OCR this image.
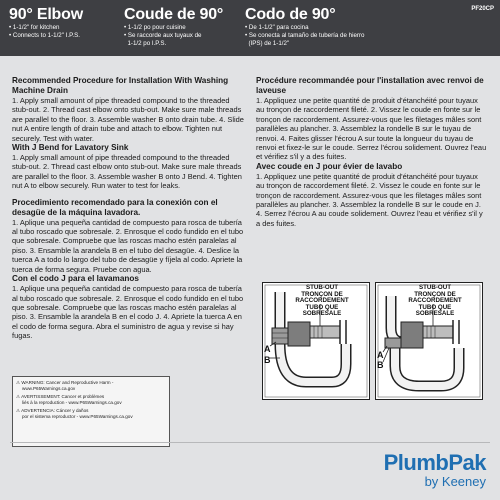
90° Elbow
• 1-1/2" for kitchen
• Connects to 1-1/2" I.P.S.
Coude de 90°
• 1-1/2 po pour cuisine
• Se raccorde aux tuyaux de
1-1/2 po I.P.S.
Codo de 90°
• De 1-1/2" para cocina
• Se conecta al tamaño de tubería de hierro
(IPS) de 1-1/2"
PF20CP
Recommended Procedure for Installation With Washing Machine Drain

1. Apply small amount of pipe threaded compound to the threaded stub-out. 2. Thread cast elbow onto stub-out. Make sure male threads are parallel to the floor. 3. Assemble washer B onto drain tube. 4. Slide nut A entire length of drain tube and attach to elbow. Tighten nut securely. Test with water.

With J Bend for Lavatory Sink

1. Apply small amount of pipe threaded compound to the threaded stub-out. 2. Thread cast elbow onto stub-out. Make sure male threads are parallel to the floor. 3. Assemble washer B onto J Bend. 4. Tighten nut A to elbow securely. Run water to test for leaks.

Procedimiento recomendado para la conexión con el desagüe de la máquina lavadora.

1. Aplique una pequeña cantidad de compuesto para rosca de tubería al tubo roscado que sobresale. 2. Enrosque el codo fundido en el tubo que sobresale. Compruebe que las roscas macho estén paralelas al piso. 3. Ensamble la arandela B en el tubo del desagüe. 4. Deslice la tuerca A a todo lo largo del tubo de desagüe y fíjela al codo. Apriete la tuerca de forma segura. Pruebe con agua.

Con el codo J para el lavamanos

1. Aplique una pequeña cantidad de compuesto para rosca de tubería al tubo roscado que sobresale. 2. Enrosque el codo fundido en el tubo que sobresale. Compruebe que las roscas macho estén paralelas al piso. 3. Ensamble la arandela B en el codo J. 4. Apriete la tuerca A en el codo de forma segura. Abra el suministro de agua y revise si hay fugas.

Procédure recommandée pour l'installation avec renvoi de laveuse

1. Appliquez une petite quantité de produit d'étanchéité pour tuyaux au tronçon de raccordement fileté. 2. Vissez le coude en fonte sur le tronçon de raccordement. Assurez-vous que les filetages mâles sont parallèles au plancher. 3. Assemblez la rondelle B sur le tuyau de renvoi. 4. Faites glisser l'écrou A sur toute la longueur du tuyau de renvoi et fixez-le sur le coude. Serrez l'écrou solidement. Ouvrez l'eau et vérifiez s'il y a des fuites.

Avec coude en J pour évier de lavabo

1. Appliquez une petite quantité de produit d'étanchéité pour tuyaux au tronçon de raccordement fileté. 2. Vissez le coude en fonte sur le tronçon de raccordement. Assurez-vous que les filetages mâles sont parallèles au plancher. 3. Assemblez la rondelle B sur le coude en J. 4. Serrez l'écrou A au coude solidement. Ouvrez l'eau et vérifiez s'il y a des fuites.

STUB-OUT
TRONÇON DE
RACCORDEMENT
TUBO QUE
SOBRESALE
A
B
STUB-OUT
TRONÇON DE
RACCORDEMENT
TUBO QUE
SOBRESALE
A
B
⚠ WARNING: Cancer and Reproductive Harm -
www.P65Warnings.ca.gov
⚠ AVERTISSEMENT: Cancer et problèmes
liés à la reproduction - www.P65Warnings.ca.gov
⚠ ADVERTENCIA: Cáncer y daños
por el sistema reproductor - www.P65Warnings.ca.gov
PlumbPak
by Keeney
